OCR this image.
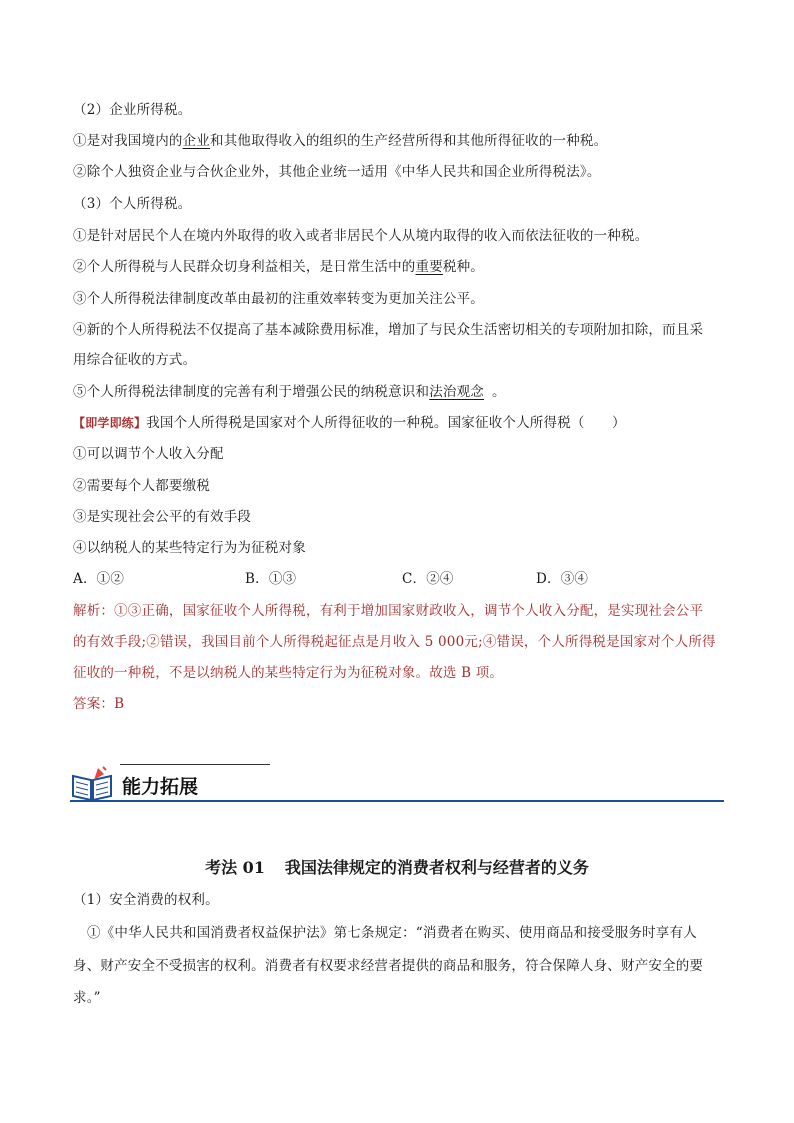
（2）企业所得税。
①是对我国境内的企业和其他取得收入的组织的生产经营所得和其他所得征收的一种税。
②除个人独资企业与合伙企业外，其他企业统一适用《中华人民共和国企业所得税法》。
（3）个人所得税。
①是针对居民个人在境内外取得的收入或者非居民个人从境内取得的收入而依法征收的一种税。
②个人所得税与人民群众切身利益相关，是日常生活中的重要税种。
③个人所得税法律制度改革由最初的注重效率转变为更加关注公平。
④新的个人所得税法不仅提高了基本减除费用标准，增加了与民众生活密切相关的专项附加扣除，而且采
用综合征收的方式。
⑤个人所得税法律制度的完善有利于增强公民的纳税意识和法治观念 。
【即学即练】我国个人所得税是国家对个人所得征收的一种税。国家征收个人所得税（　　）
①可以调节个人收入分配
②需要每个人都要缴税
③是实现社会公平的有效手段
④以纳税人的某些特定行为为征税对象
A．①②	B．①③	C．②④	D．③④
解析：①③正确，国家征收个人所得税，有利于增加国家财政收入，调节个人收入分配，是实现社会公平
的有效手段;②错误，我国目前个人所得税起征点是月收入 5 000元;④错误，个人所得税是国家对个人所得
征收的一种税，不是以纳税人的某些特定行为为征税对象。故选 B 项。
答案：B
能力拓展
考法 01 我国法律规定的消费者权利与经营者的义务
（1）安全消费的权利。
①《中华人民共和国消费者权益保护法》第七条规定：“消费者在购买、使用商品和接受服务时享有人
身、财产安全不受损害的权利。消费者有权要求经营者提供的商品和服务，符合保障人身、财产安全的要
求。”
